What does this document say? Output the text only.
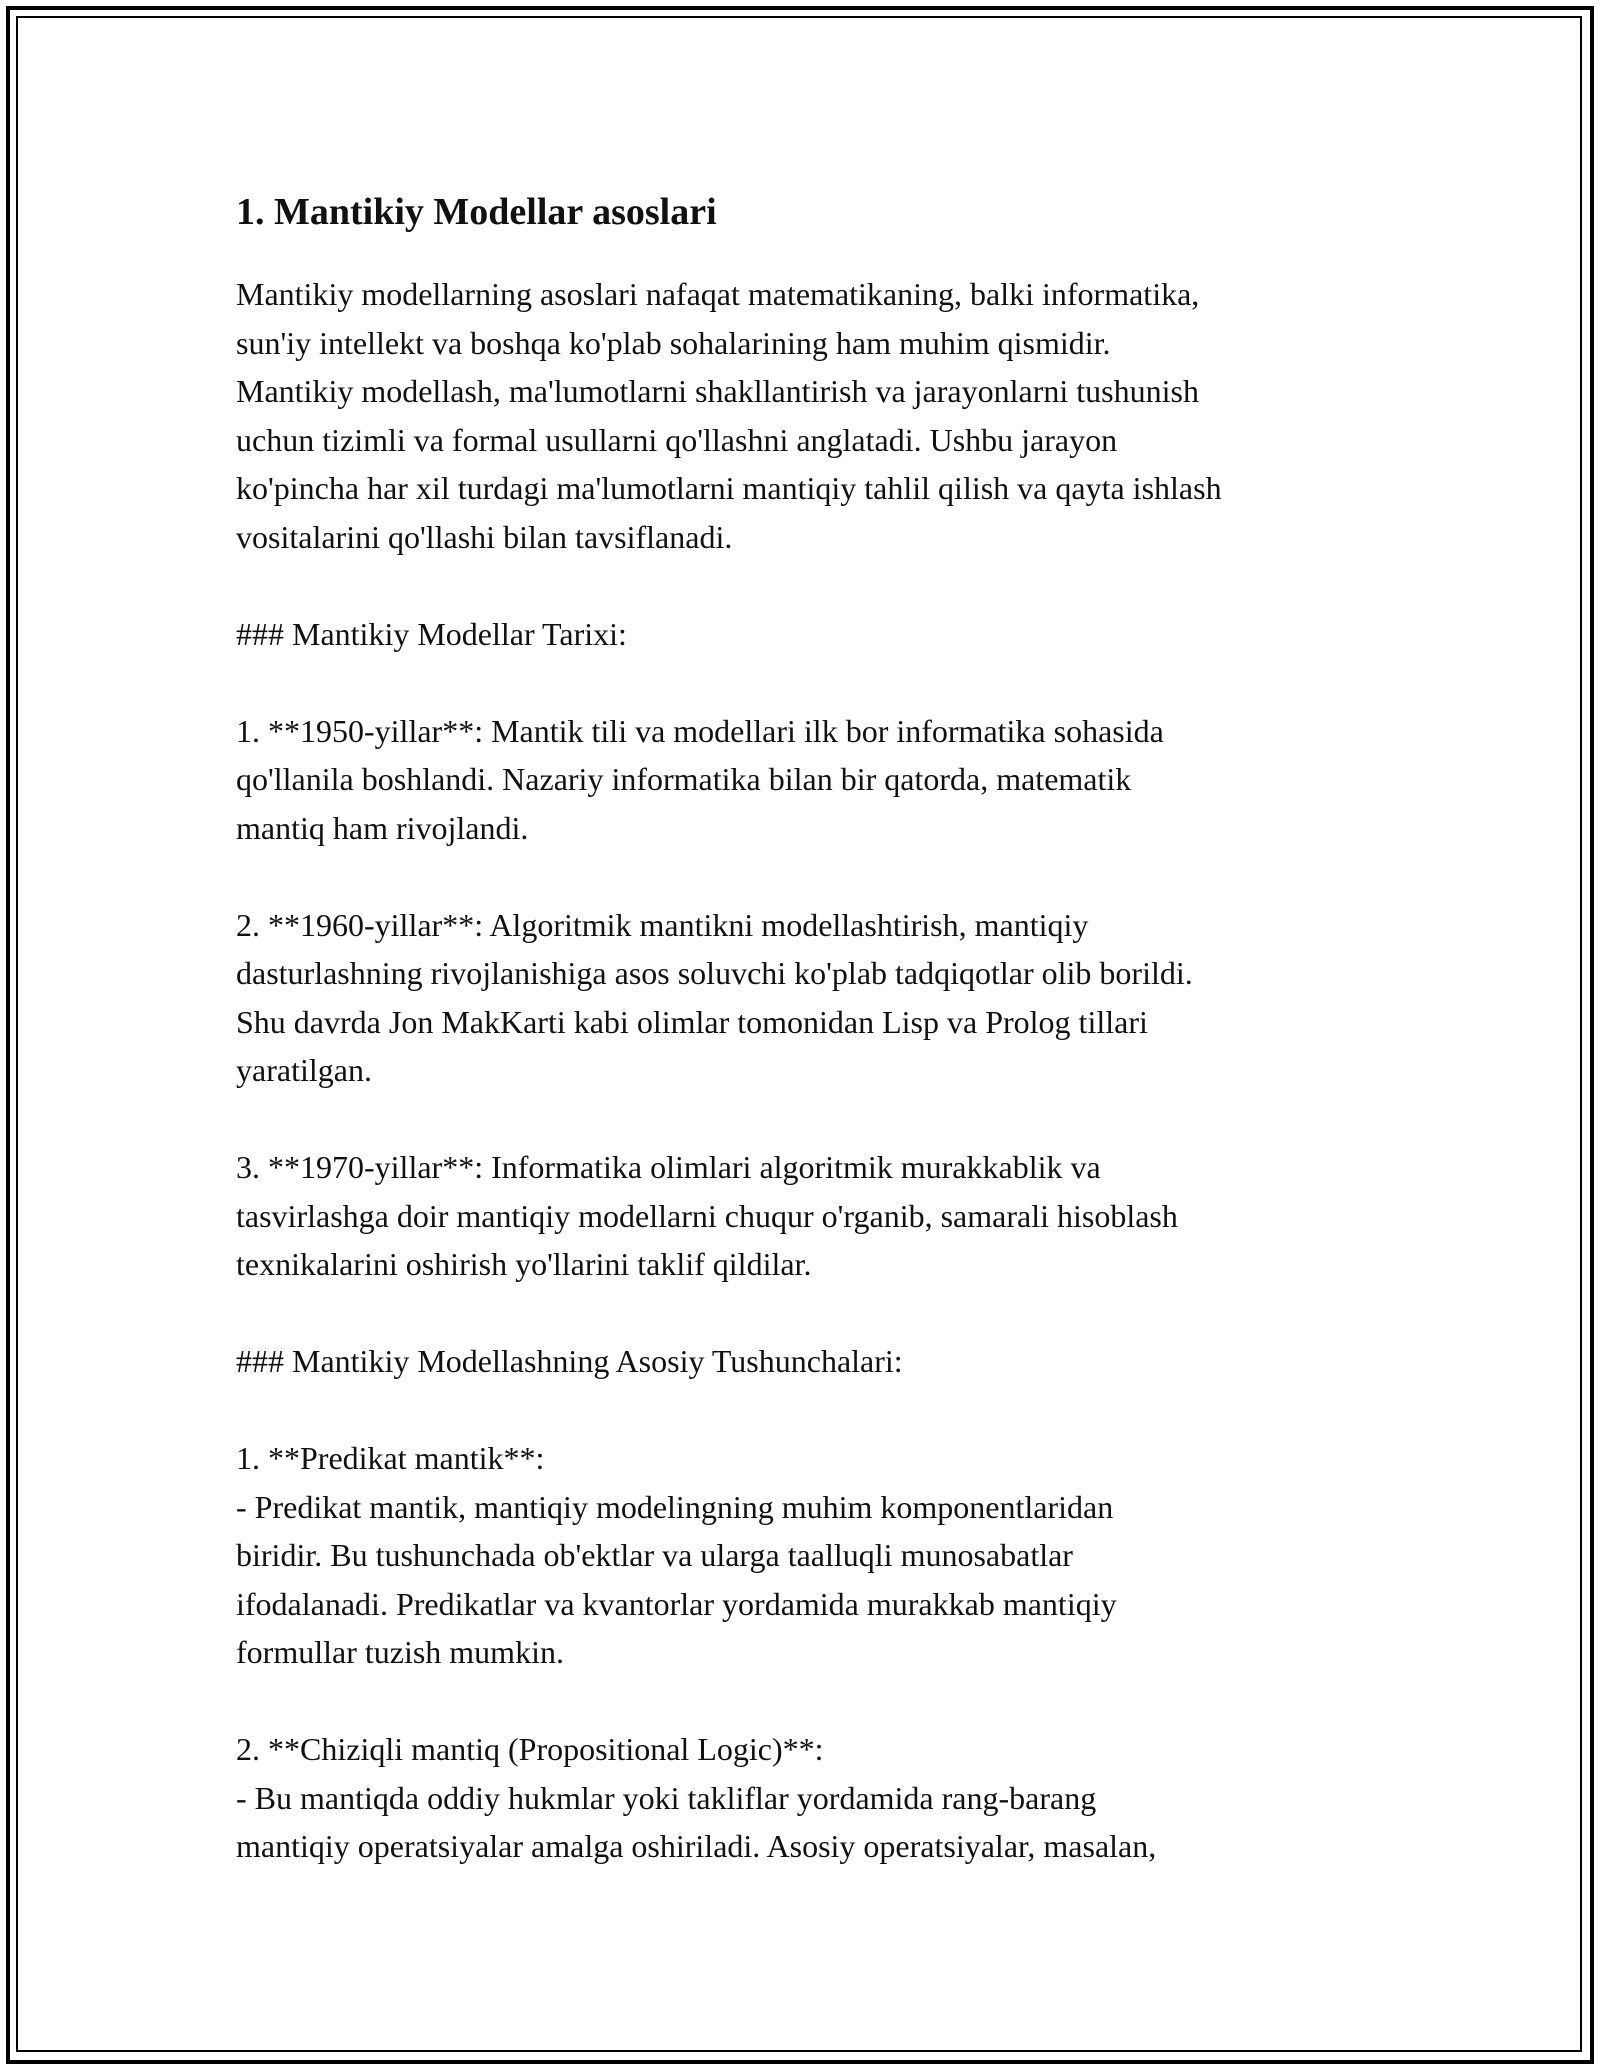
1. Mantikiy Modellar asoslari

Mantikiy modellarning asoslari nafaqat matematikaning, balki informatika,
sun'iy intellekt va boshqa ko'plab sohalarining ham muhim qismidir.
Mantikiy modellash, ma'lumotlarni shakllantirish va jarayonlarni tushunish
uchun tizimli va formal usullarni qo'llashni anglatadi. Ushbu jarayon
ko'pincha har xil turdagi ma'lumotlarni mantiqiy tahlil qilish va qayta ishlash
vositalarini qo'llashi bilan tavsiflanadi.

### Mantikiy Modellar Tarixi:

1. **1950-yillar**: Mantik tili va modellari ilk bor informatika sohasida
qo'llanila boshlandi. Nazariy informatika bilan bir qatorda, matematik
mantiq ham rivojlandi.

2. **1960-yillar**: Algoritmik mantikni modellashtirish, mantiqiy
dasturlashning rivojlanishiga asos soluvchi ko'plab tadqiqotlar olib borildi.
Shu davrda Jon MakKarti kabi olimlar tomonidan Lisp va Prolog tillari
yaratilgan.

3. **1970-yillar**: Informatika olimlari algoritmik murakkablik va
tasvirlashga doir mantiqiy modellarni chuqur o'rganib, samarali hisoblash
texnikalarini oshirish yo'llarini taklif qildilar.

### Mantikiy Modellashning Asosiy Tushunchalari:

1. **Predikat mantik**:
- Predikat mantik, mantiqiy modelingning muhim komponentlaridan
biridir. Bu tushunchada ob'ektlar va ularga taalluqli munosabatlar
ifodalanadi. Predikatlar va kvantorlar yordamida murakkab mantiqiy
formullar tuzish mumkin.

2. **Chiziqli mantiq (Propositional Logic)**:
- Bu mantiqda oddiy hukmlar yoki takliflar yordamida rang-barang
mantiqiy operatsiyalar amalga oshiriladi. Asosiy operatsiyalar, masalan,
